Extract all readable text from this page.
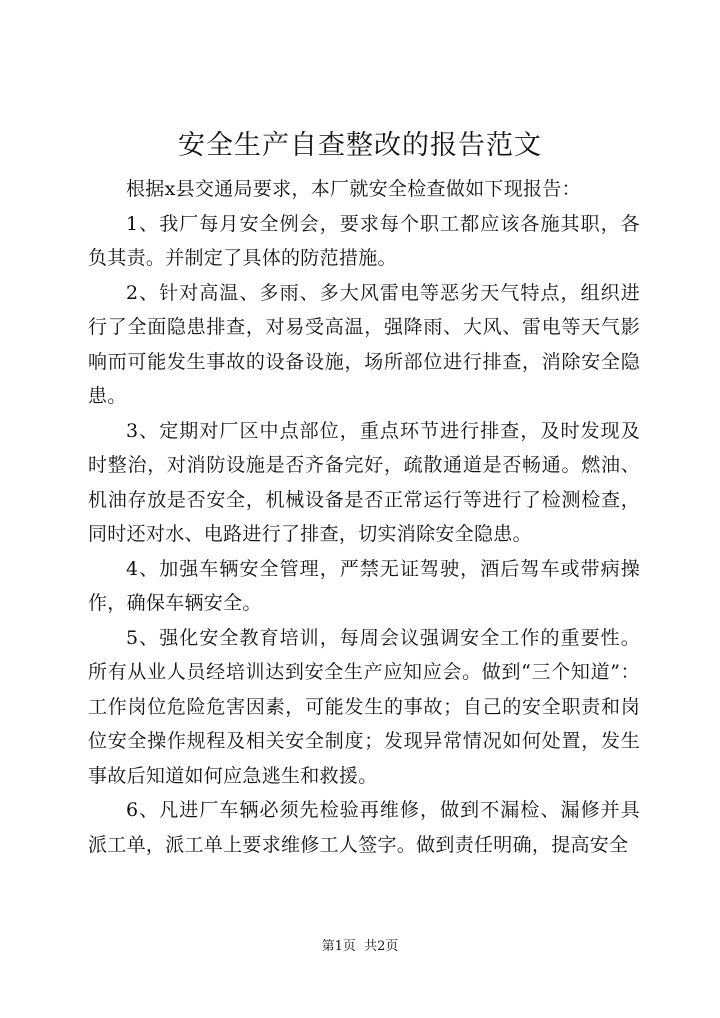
安全生产自查整改的报告范文

根据x县交通局要求，本厂就安全检查做如下现报告：

1、我厂每月安全例会，要求每个职工都应该各施其职，各负其责。并制定了具体的防范措施。

2、针对高温、多雨、多大风雷电等恶劣天气特点，组织进行了全面隐患排查，对易受高温，强降雨、大风、雷电等天气影响而可能发生事故的设备设施，场所部位进行排查，消除安全隐患。

3、定期对厂区中点部位，重点环节进行排查，及时发现及时整治，对消防设施是否齐备完好，疏散通道是否畅通。燃油、机油存放是否安全，机械设备是否正常运行等进行了检测检查，同时还对水、电路进行了排查，切实消除安全隐患。

4、加强车辆安全管理，严禁无证驾驶，酒后驾车或带病操作，确保车辆安全。

5、强化安全教育培训，每周会议强调安全工作的重要性。所有从业人员经培训达到安全生产应知应会。做到“三个知道”：工作岗位危险危害因素，可能发生的事故；自己的安全职责和岗位安全操作规程及相关安全制度；发现异常情况如何处置，发生事故后知道如何应急逃生和救援。

6、凡进厂车辆必须先检验再维修，做到不漏检、漏修并具派工单，派工单上要求维修工人签字。做到责任明确，提高安全

第1页 共2页
